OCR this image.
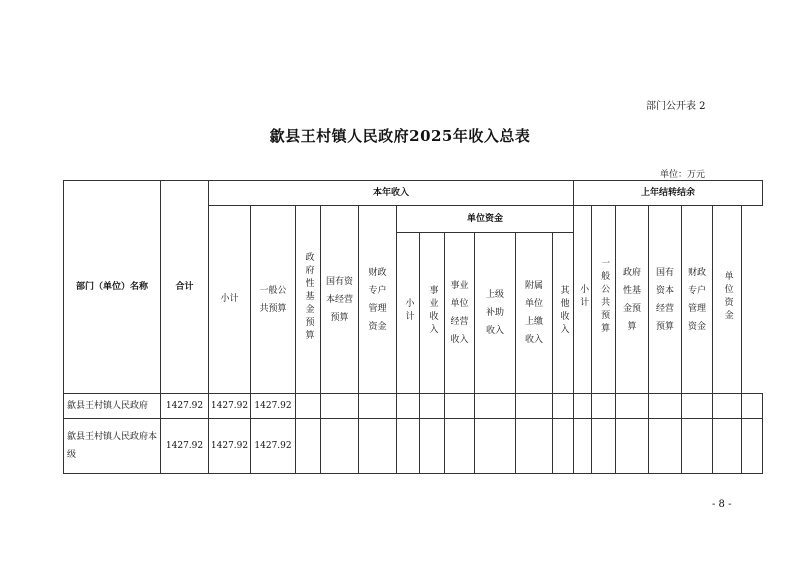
部门公开表 2
歙县王村镇人民政府2025年收入总表
单位：万元
部门（单位）名称	合计	本年收入											上年结转结余						
		小计	一般公共预算	政府性基金预算	国有资本经营预算	财政专户管理资金	单位资金						小计	一般公共预算	政府性基金预算	国有资本经营预算	财政专户管理资金	单位资金	
							小计	事业收入	事业单位经营收入	上级补助收入	附属单位上缴收入	其他收入							

歙县王村镇人民政府	1427.92	1427.92	1427.92																
歙县王村镇人民政府本级	1427.92	1427.92	1427.92																
- 8 -
